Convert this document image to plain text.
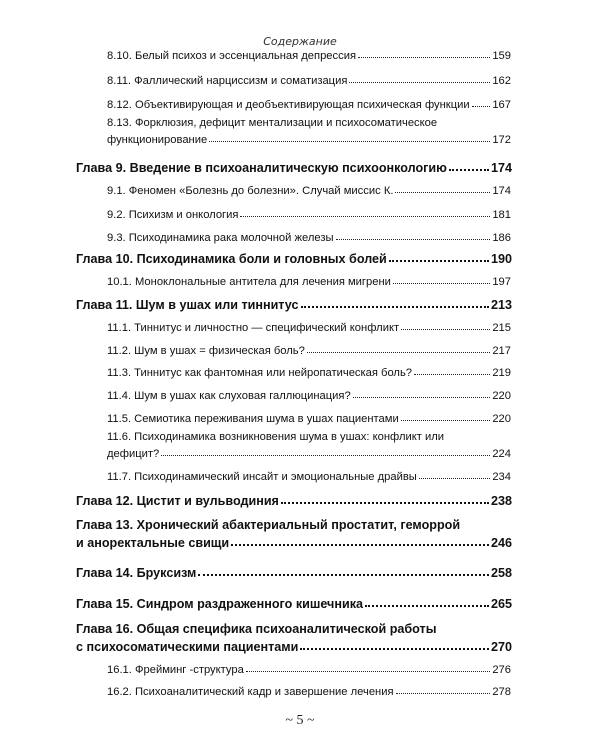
Содержание
8.10. Белый психоз и эссенциальная депрессия	159
8.11. Фаллический нарциссизм и соматизация	162
8.12. Объективирующая и деобъективирующая психическая функции 167
8.13. Форклюзия, дефицит ментализации и психосоматическое
функционирование	172
Глава 9. Введение в психоаналитическую психоонкологию	174
9.1. Феномен «Болезнь до болезни». Случай миссис К.	174
9.2. Психизм и онкология	181
9.3. Психодинамика рака молочной железы	186
Глава 10. Психодинамика боли и головных болей	190
10.1. Моноклональные антитела для лечения мигрени	197
Глава 11. Шум в ушах или тиннитус	213
11.1. Тиннитус и личностно — специфический конфликт	215
11.2. Шум в ушах = физическая боль?	217
11.3. Тиннитус как фантомная или нейропатическая боль?	219
11.4. Шум в ушах как слуховая галлюцинация?	220
11.5. Семиотика переживания шума в ушах пациентами	220
11.6. Психодинамика возникновения шума в ушах: конфликт или
дефицит?	224
11.7. Психодинамический инсайт и эмоциональные драйвы	234
Глава 12. Цистит и вульводиния	238
Глава 13. Хронический абактериальный простатит, геморрой
и аноректальные свищи	246
Глава 14. Бруксизм	258
Глава 15. Синдром раздраженного кишечника	265
Глава 16. Общая специфика психоаналитической работы
с психосоматическими пациентами	270
16.1. Фрейминг -структура	276
16.2. Психоаналитический кадр и завершение лечения	278
~ 5 ~
